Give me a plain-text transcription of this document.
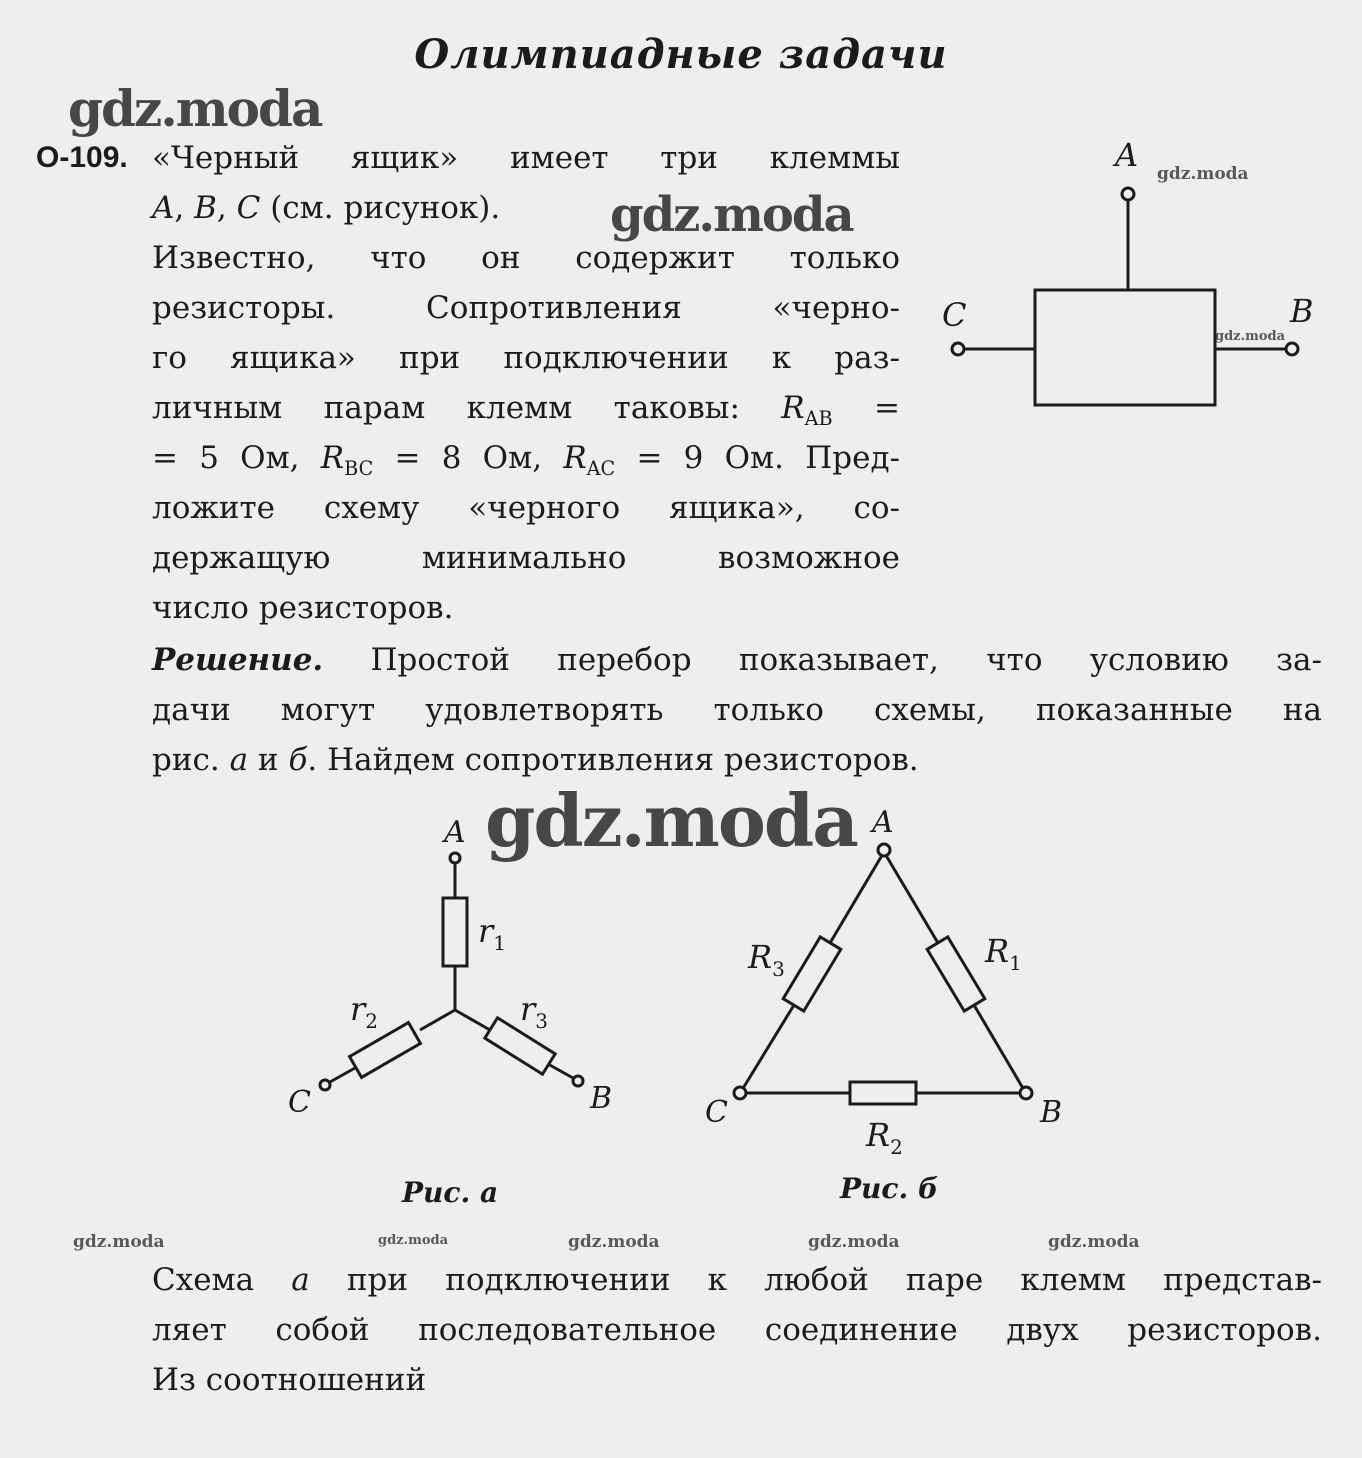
Олимпиадные задачи
О-109. «Черный ящик» имеет три клеммы
A, B, C (см. рисунок).
Известно, что он содержит только
резисторы. Сопротивления «черно-
го ящика» при подключении к раз-
личным парам клемм таковы: $R_{AB}$ =
= 5 Ом, $R_{BC} = 8$ Ом, $R_{AC} = 9$ Ом. Пред-
ложите схему «черного ящика», со-
держащую минимально возможное
число резисторов.
Решение. Простой перебор показывает, что условию за-
дачи могут удовлетворять только схемы, показанные на
рис. а и б. Найдем сопротивления резисторов.
Схема а при подключении к любой паре клемм представ-
ляет собой последовательное соединение двух резисторов.
Из соотношений
A
C	B
A
C	B
$r_1$
$r_2$	$r_3$
A
C	B
$R_3$	$R_1$
$R_2$
Рис. а	Рис. б
gdz.moda
gdz.moda
gdz.moda
gdz.moda
gdz.moda
gdz.moda	gdz.moda	gdz.moda	gdz.moda	gdz.moda
